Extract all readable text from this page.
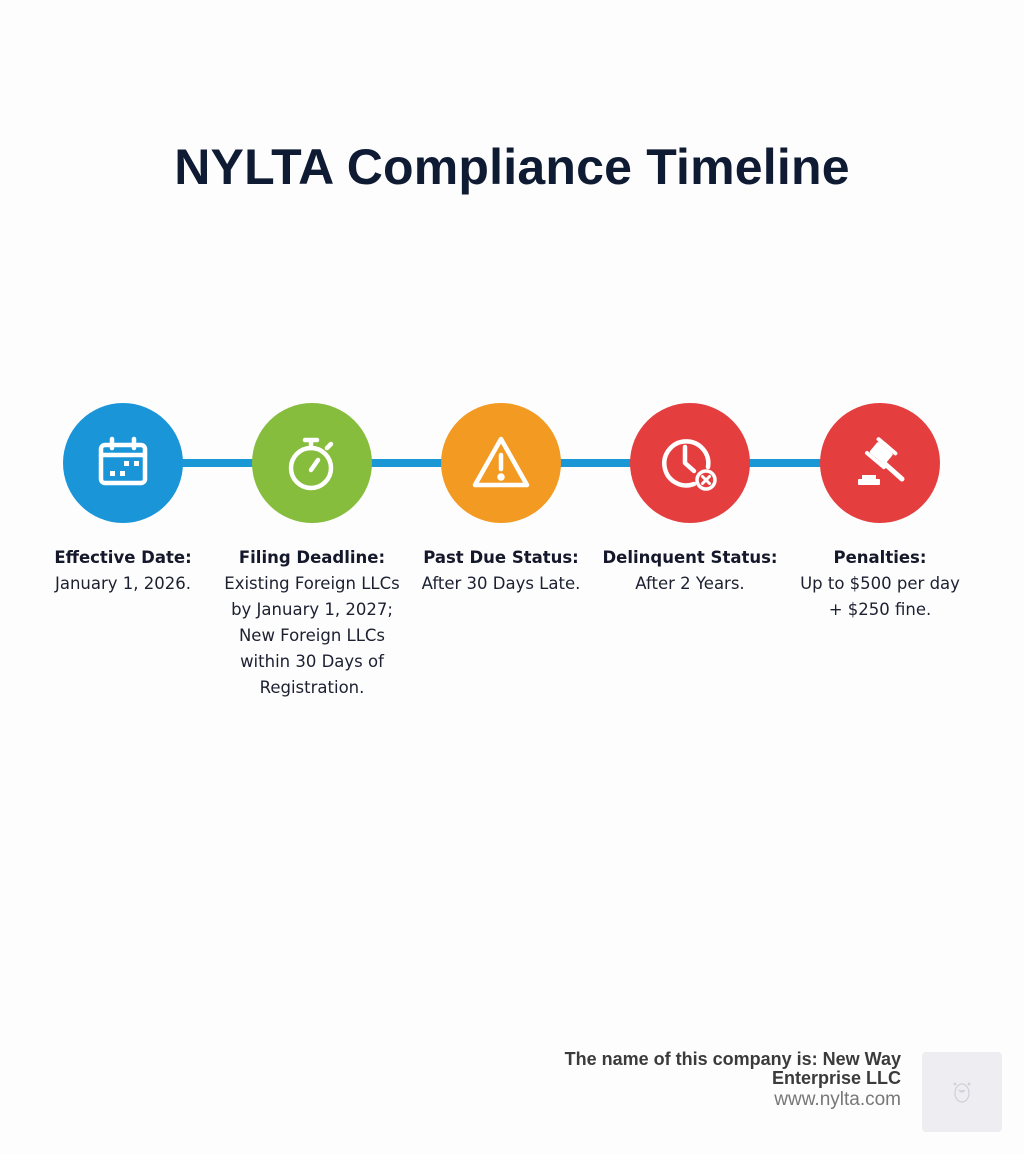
NYLTA Compliance Timeline
Effective Date:
January 1, 2026.
Filing Deadline:
Existing Foreign LLCs
by January 1, 2027;
New Foreign LLCs
within 30 Days of
Registration.
Past Due Status:
After 30 Days Late.
Delinquent Status:
After 2 Years.
Penalties:
Up to $500 per day
+ $250 fine.
The name of this company is: New Way Enterprise LLC
www.nylta.com
